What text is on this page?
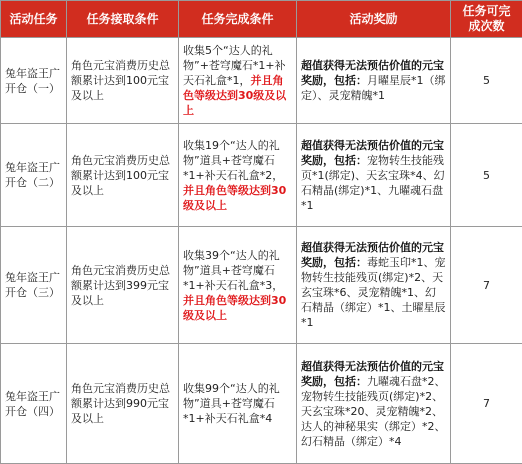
活动任务	任务接取条件	任务完成条件	活动奖励	任务可完
成次数
兔年盗王广开仓（一）	角色元宝消费历史总额累计达到100元宝及以上	收集5个“达人的礼物”+苍穹魔石*1+补天石礼盒*1，并且角色等级达到30级及以上	超值获得无法预估价值的元宝奖励，包括：月曜星辰*1（绑定）、灵宠精魄*1	5
兔年盗王广开仓（二）	角色元宝消费历史总额累计达到100元宝及以上	收集19个“达人的礼物”道具+苍穹魔石*1+补天石礼盒*2，并且角色等级达到30级及以上	超值获得无法预估价值的元宝奖励，包括：宠物转生技能残页*1(绑定)、天玄宝珠*4、幻石精晶(绑定)*1、九曜魂石盘*1	5
兔年盗王广开仓（三）	角色元宝消费历史总额累计达到399元宝及以上	收集39个“达人的礼物”道具+苍穹魔石*1+补天石礼盒*3，并且角色等级达到30级及以上	超值获得无法预估价值的元宝奖励，包括：毒蛇玉印*1、宠物转生技能残页(绑定)*2、天玄宝珠*6、灵宠精魄*1、幻石精晶（绑定）*1、土曜星辰*1	7
兔年盗王广开仓（四）	角色元宝消费历史总额累计达到990元宝及以上	收集99个“达人的礼物”道具+苍穹魔石*1+补天石礼盒*4	超值获得无法预估价值的元宝奖励，包括：九曜魂石盘*2、宠物转生技能残页(绑定)*2、天玄宝珠*20、灵宠精魄*2、达人的神秘果实（绑定）*2、幻石精晶（绑定）*4	7
